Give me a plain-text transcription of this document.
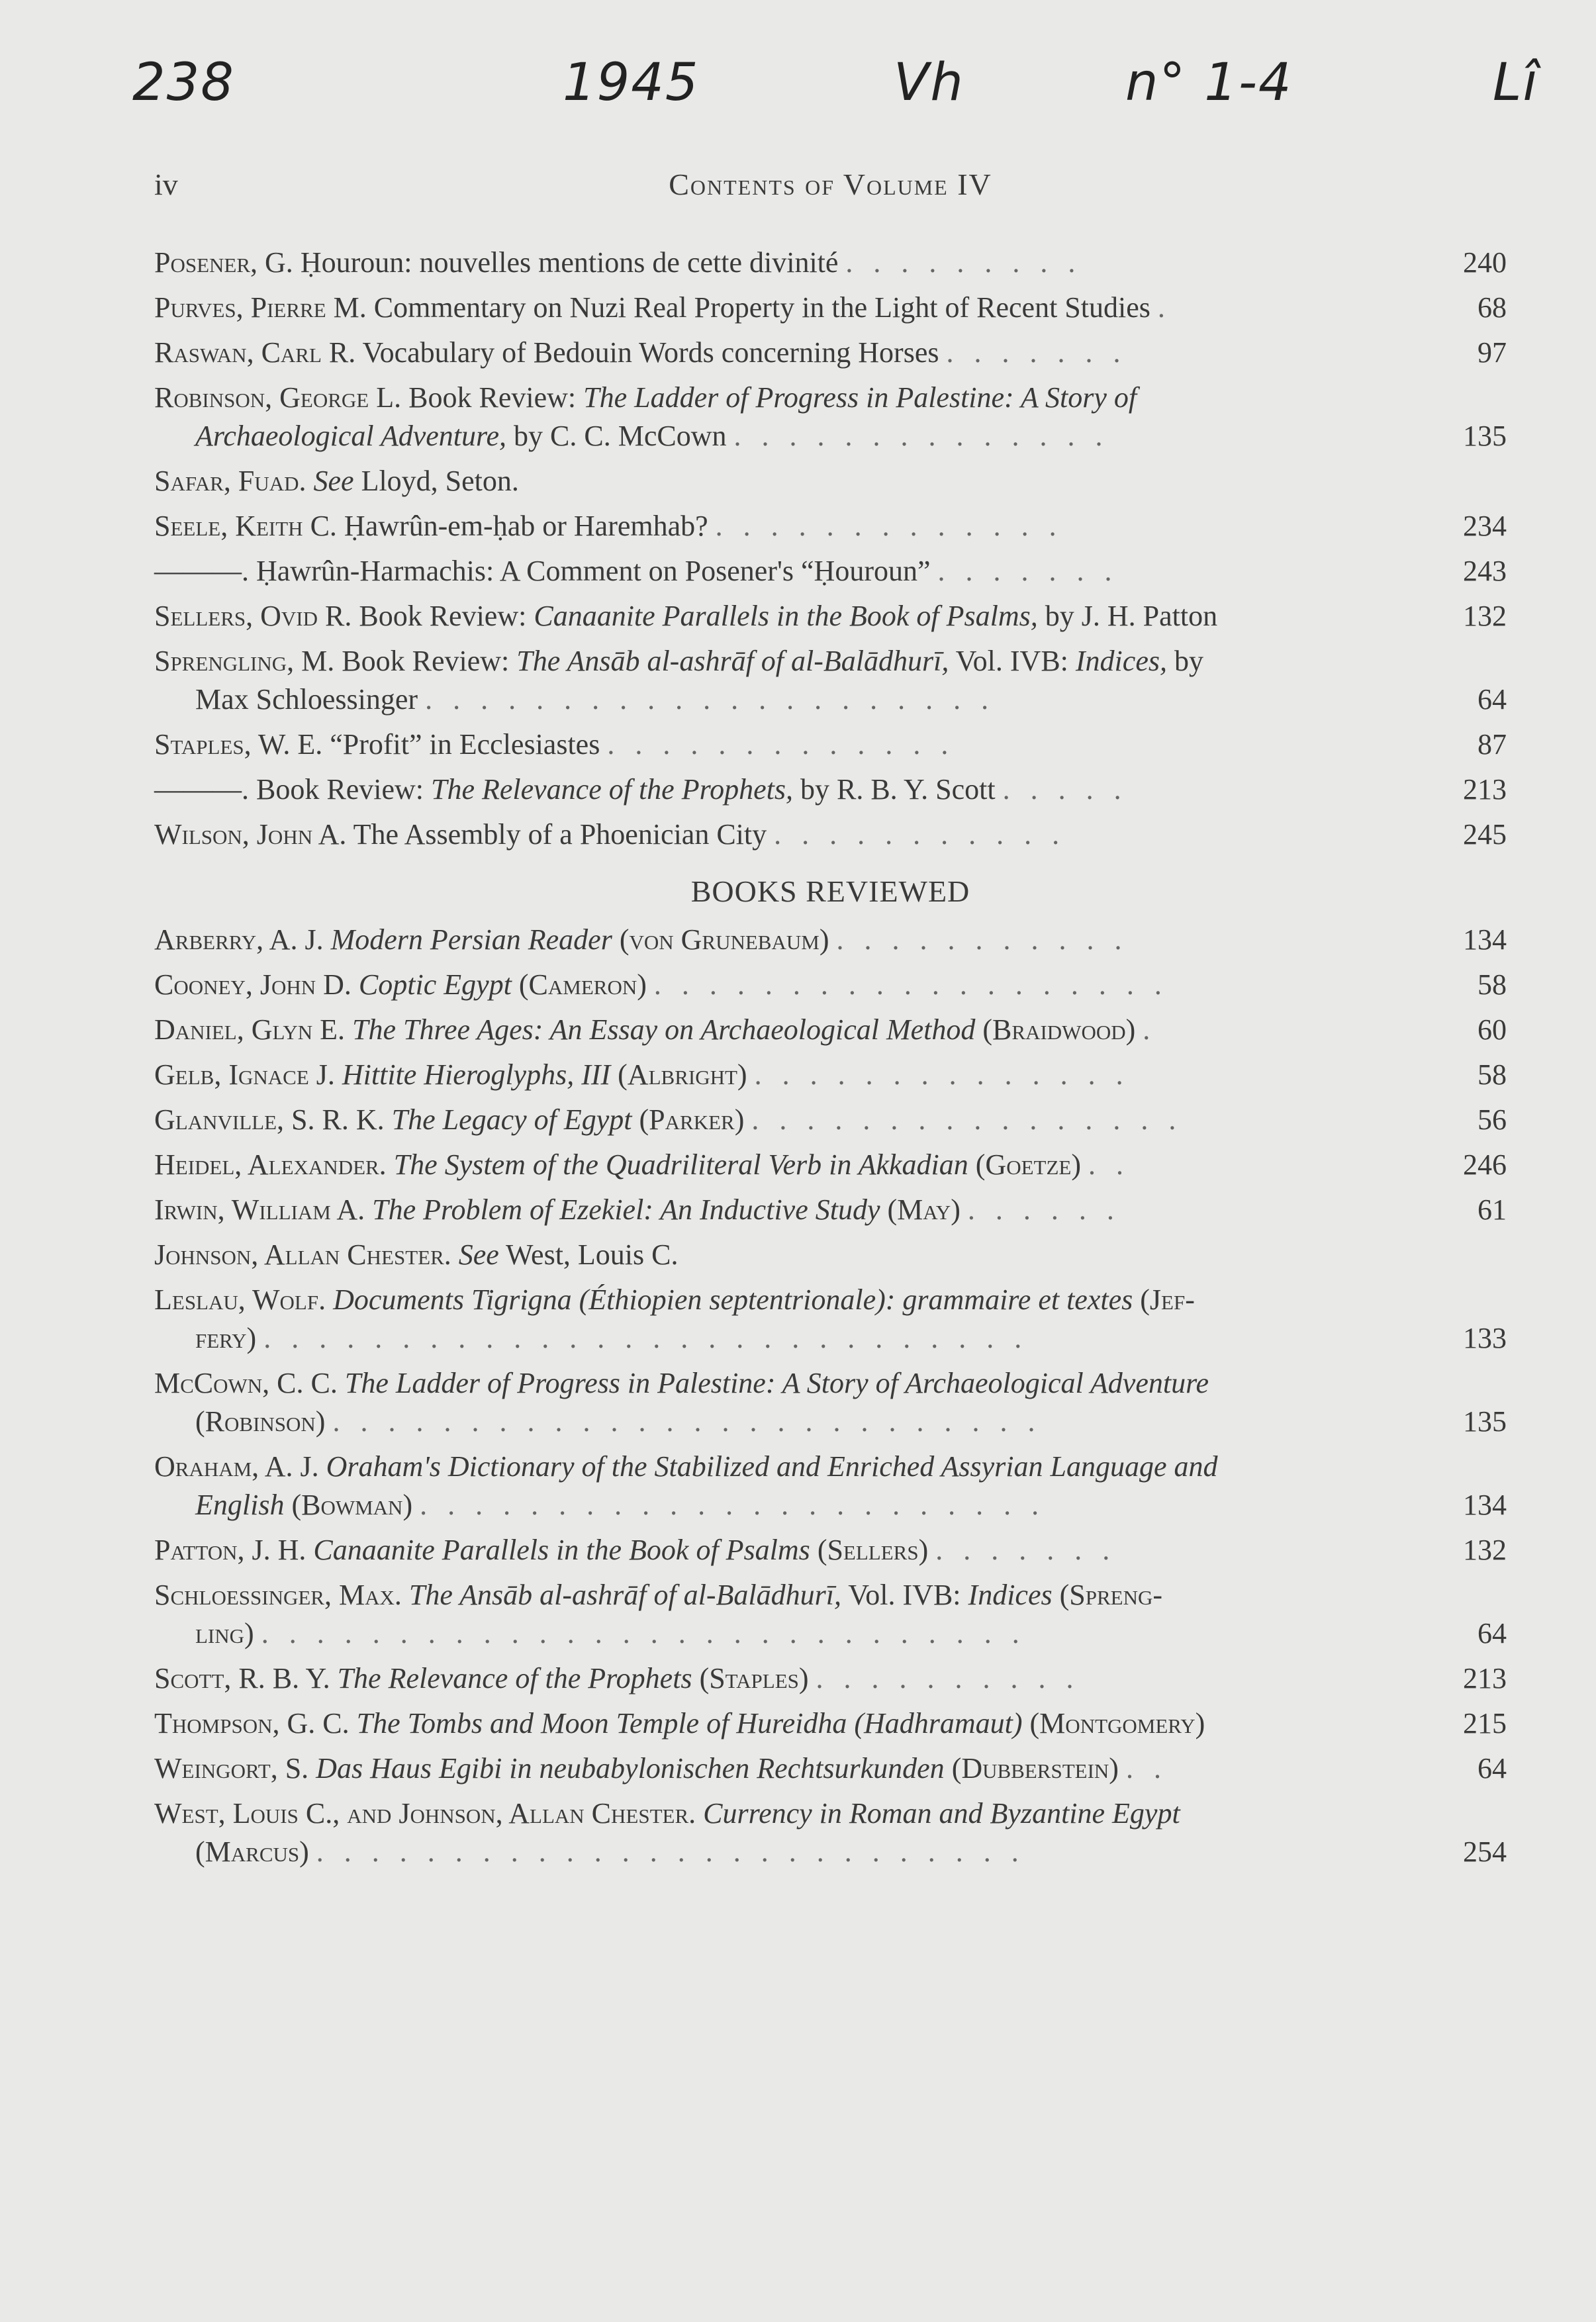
238	1945	Vh	n° 1-4	Lî
iv	Contents of Volume IV
Posener, G. Ḥouroun: nouvelles mentions de cette divinité . . . . . . . . .	240
Purves, Pierre M. Commentary on Nuzi Real Property in the Light of Recent Studies .	68
Raswan, Carl R. Vocabulary of Bedouin Words concerning Horses . . . . . . .	97
Robinson, George L. Book Review: The Ladder of Progress in Palestine: A Story of
Archaeological Adventure, by C. C. McCown . . . . . . . . . . . . . .	135
Safar, Fuad. See Lloyd, Seton.
Seele, Keith C. Ḥawrûn-em-ḥab or Haremhab? . . . . . . . . . . . . .	234
———. Ḥawrûn-Harmachis: A Comment on Posener's “Ḥouroun” . . . . . . .	243
Sellers, Ovid R. Book Review: Canaanite Parallels in the Book of Psalms, by J. H. Patton	132
Sprengling, M. Book Review: The Ansāb al-ashrāf of al-Balādhurī, Vol. IVB: Indices, by
Max Schloessinger . . . . . . . . . . . . . . . . . . . . .	64
Staples, W. E. “Profit” in Ecclesiastes . . . . . . . . . . . . .	87
———. Book Review: The Relevance of the Prophets, by R. B. Y. Scott . . . . .	213
Wilson, John A. The Assembly of a Phoenician City . . . . . . . . . . .	245
BOOKS REVIEWED
Arberry, A. J. Modern Persian Reader (von Grunebaum) . . . . . . . . . . .	134
Cooney, John D. Coptic Egypt (Cameron) . . . . . . . . . . . . . . . . . . .	58
Daniel, Glyn E. The Three Ages: An Essay on Archaeological Method (Braidwood) .	60
Gelb, Ignace J. Hittite Hieroglyphs, III (Albright) . . . . . . . . . . . . . .	58
Glanville, S. R. K. The Legacy of Egypt (Parker) . . . . . . . . . . . . . . . .	56
Heidel, Alexander. The System of the Quadriliteral Verb in Akkadian (Goetze) . .	246
Irwin, William A. The Problem of Ezekiel: An Inductive Study (May) . . . . . .	61
Johnson, Allan Chester. See West, Louis C.
Leslau, Wolf. Documents Tigrigna (Éthiopien septentrionale): grammaire et textes (Jef-
fery) . . . . . . . . . . . . . . . . . . . . . . . . . . . .	133
McCown, C. C. The Ladder of Progress in Palestine: A Story of Archaeological Adventure
(Robinson) . . . . . . . . . . . . . . . . . . . . . . . . . .	135
Oraham, A. J. Oraham's Dictionary of the Stabilized and Enriched Assyrian Language and
English (Bowman) . . . . . . . . . . . . . . . . . . . . . . .	134
Patton, J. H. Canaanite Parallels in the Book of Psalms (Sellers) . . . . . . .	132
Schloessinger, Max. The Ansāb al-ashrāf of al-Balādhurī, Vol. IVB: Indices (Spreng-
ling) . . . . . . . . . . . . . . . . . . . . . . . . . . . .	64
Scott, R. B. Y. The Relevance of the Prophets (Staples) . . . . . . . . . .	213
Thompson, G. C. The Tombs and Moon Temple of Hureidha (Hadhramaut) (Montgomery)	215
Weingort, S. Das Haus Egibi in neubabylonischen Rechtsurkunden (Dubberstein) . .	64
West, Louis C., and Johnson, Allan Chester. Currency in Roman and Byzantine Egypt
(Marcus) . . . . . . . . . . . . . . . . . . . . . . . . . .	254
